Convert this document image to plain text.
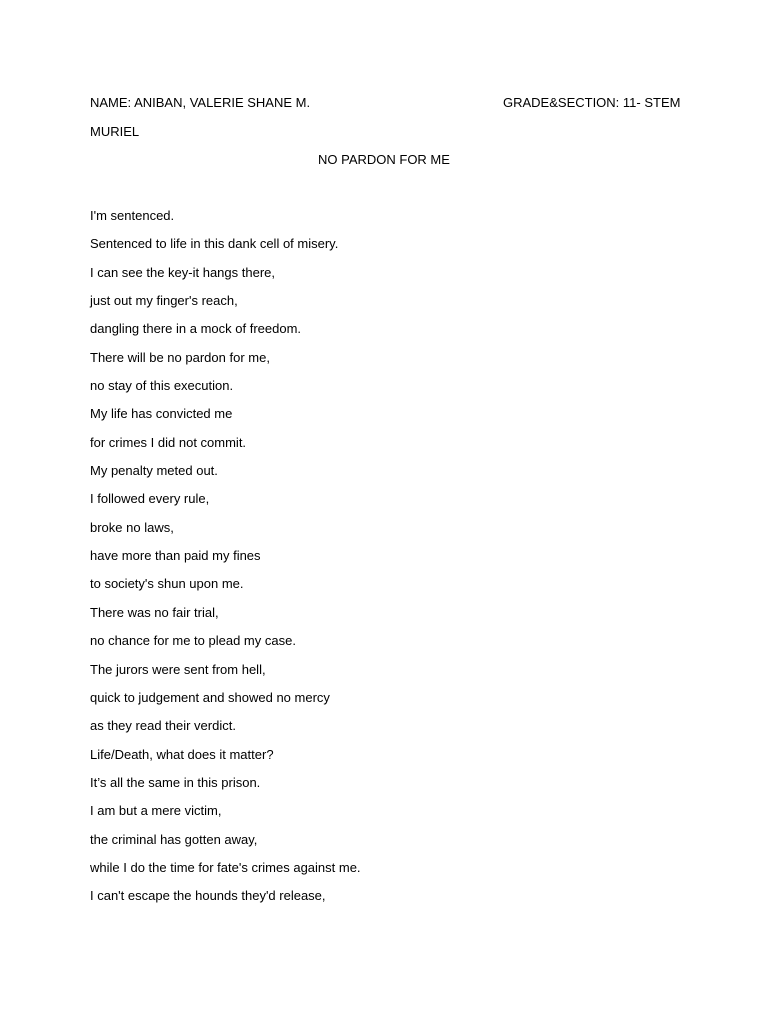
NAME: ANIBAN, VALERIE SHANE M.	GRADE&SECTION: 11- STEM
MURIEL
NO PARDON FOR ME
I'm sentenced.
Sentenced to life in this dank cell of misery.
I can see the key-it hangs there,
just out my finger's reach,
dangling there in a mock of freedom.
There will be no pardon for me,
no stay of this execution.
My life has convicted me
for crimes I did not commit.
My penalty meted out.
I followed every rule,
broke no laws,
have more than paid my fines
to society's shun upon me.
There was no fair trial,
no chance for me to plead my case.
The jurors were sent from hell,
quick to judgement and showed no mercy
as they read their verdict.
Life/Death, what does it matter?
It’s all the same in this prison.
I am but a mere victim,
the criminal has gotten away,
while I do the time for fate's crimes against me.
I can't escape the hounds they'd release,
